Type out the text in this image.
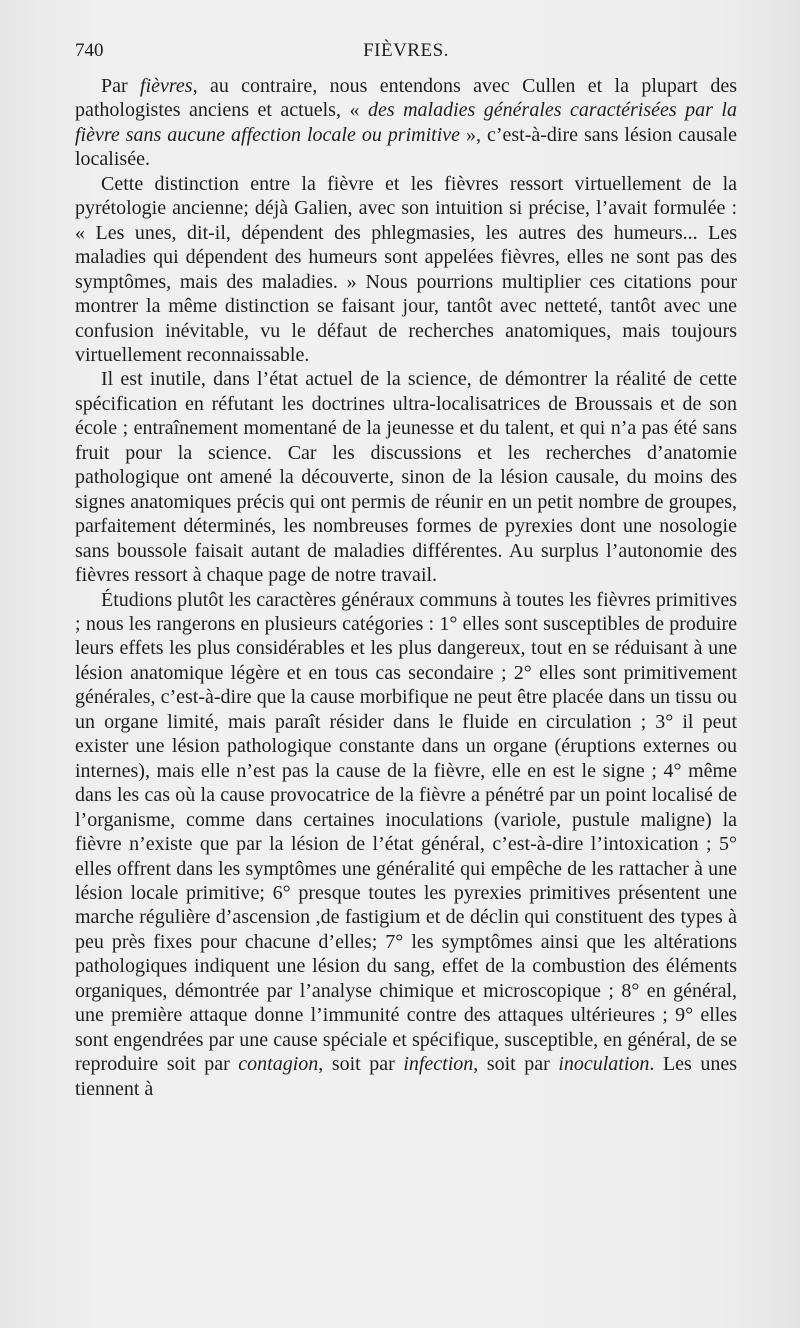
740	FIÈVRES.

Par fièvres, au contraire, nous entendons avec Cullen et la plupart des pathologistes anciens et actuels, « des maladies générales caractérisées par la fièvre sans aucune affection locale ou primitive », c’est-à-dire sans lésion causale localisée.

Cette distinction entre la fièvre et les fièvres ressort virtuellement de la pyrétologie ancienne; déjà Galien, avec son intuition si précise, l’avait formulée : « Les unes, dit-il, dépendent des phlegmasies, les autres des humeurs... Les maladies qui dépendent des humeurs sont appelées fièvres, elles ne sont pas des symptômes, mais des maladies. » Nous pourrions multiplier ces citations pour montrer la même distinction se faisant jour, tantôt avec netteté, tantôt avec une confusion inévitable, vu le défaut de recherches anatomiques, mais toujours virtuellement reconnaissable.

Il est inutile, dans l’état actuel de la science, de démontrer la réalité de cette spécification en réfutant les doctrines ultra-localisatrices de Broussais et de son école ; entraînement momentané de la jeunesse et du talent, et qui n’a pas été sans fruit pour la science. Car les discussions et les recherches d’anatomie pathologique ont amené la découverte, sinon de la lésion causale, du moins des signes anatomiques précis qui ont permis de réunir en un petit nombre de groupes, parfaitement déterminés, les nombreuses formes de pyrexies dont une nosologie sans boussole faisait autant de maladies différentes. Au surplus l’autonomie des fièvres ressort à chaque page de notre travail.

Étudions plutôt les caractères généraux communs à toutes les fièvres primitives ; nous les rangerons en plusieurs catégories : 1° elles sont susceptibles de produire leurs effets les plus considérables et les plus dangereux, tout en se réduisant à une lésion anatomique légère et en tous cas secondaire ; 2° elles sont primitivement générales, c’est-à-dire que la cause morbifique ne peut être placée dans un tissu ou un organe limité, mais paraît résider dans le fluide en circulation ; 3° il peut exister une lésion pathologique constante dans un organe (éruptions externes ou internes), mais elle n’est pas la cause de la fièvre, elle en est le signe ; 4° même dans les cas où la cause provocatrice de la fièvre a pénétré par un point localisé de l’organisme, comme dans certaines inoculations (variole, pustule maligne) la fièvre n’existe que par la lésion de l’état général, c’est-à-dire l’intoxication ; 5° elles offrent dans les symptômes une généralité qui empêche de les rattacher à une lésion locale primitive; 6° presque toutes les pyrexies primitives présentent une marche régulière d’ascension ,de fastigium et de déclin qui constituent des types à peu près fixes pour chacune d’elles; 7° les symptômes ainsi que les altérations pathologiques indiquent une lésion du sang, effet de la combustion des éléments organiques, démontrée par l’analyse chimique et microscopique ; 8° en général, une première attaque donne l’immunité contre des attaques ultérieures ; 9° elles sont engendrées par une cause spéciale et spécifique, susceptible, en général, de se reproduire soit par contagion, soit par infection, soit par inoculation. Les unes tiennent à
